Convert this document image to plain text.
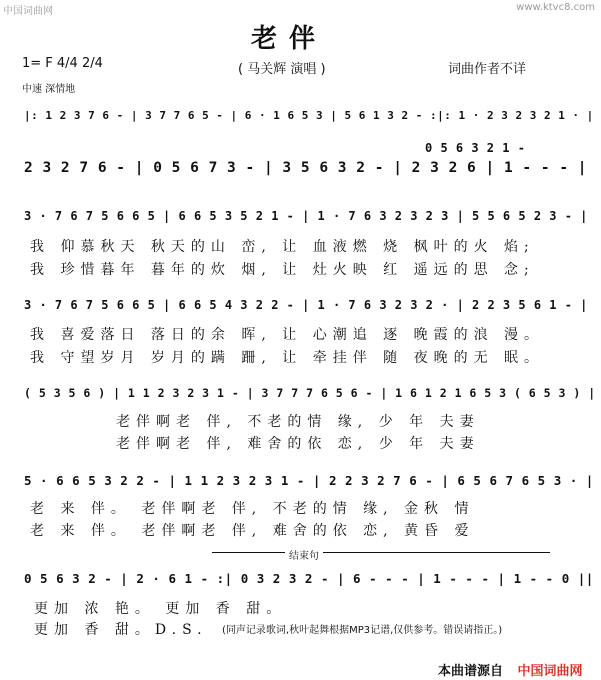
中国词曲网	www.ktvc8.com
老伴
( 马关辉 演唱 )
1= F 4/4 2/4	词曲作者不详
中速 深情地
|: 1 2 3 7 6 - | 3 7 7 6 5 - | 6 · 1 6 5 3 | 5 6 1 3 2 - :|: 1 · 2 3 2 3 2 1 · |
0 5 6 3 2 1 -
2 3 2 7 6 - | 0 5 6 7 3 - | 3 5 6 3 2 - | 2 3 2 6 | 1 - - - |
3 · 7 6 7 5 6 6 5 | 6 6 5 3 5 2 1 - | 1 · 7 6 3 2 3 2 3 | 5 5 6 5 2 3 - |
我 仰慕秋天 秋天的山 峦, 让 血液燃 烧 枫叶的火 焰;
我 珍惜暮年 暮年的炊 烟, 让 灶火映 红 遥远的思 念;
3 · 7 6 7 5 6 6 5 | 6 6 5 4 3 2 2 - | 1 · 7 6 3 2 3 2 · | 2 2 3 5 6 1 - |
我 喜爱落日 落日的余 晖, 让 心潮追 逐 晚霞的浪 漫。
我 守望岁月 岁月的蹒 跚, 让 牵挂伴 随 夜晚的无 眠。
( 5 3 5 6 ) | 1 1 2 3 2 3 1 - | 3 7 7 7 6 5 6 - | 1 6 1 2 1 6 5 3 ( 6 5 3 ) |
老伴啊老 伴, 不老的情 缘, 少 年 夫妻
老伴啊老 伴, 难舍的依 恋, 少 年 夫妻
5 · 6 6 5 3 2 2 - | 1 1 2 3 2 3 1 - | 2 2 3 2 7 6 - | 6 5 6 7 6 5 3 · |
老 来 伴。 老伴啊老 伴, 不老的情 缘, 金秋 情
老 来 伴。 老伴啊老 伴, 难舍的依 恋, 黄昏 爱
结束句
0 5 6 3 2 - | 2 · 6 1 - :| 0 3 2 3 2 - | 6 - - - | 1 - - - | 1 - - 0 ||
更加 浓 艳。 更加 香 甜。
更加 香 甜。D.S. (同声记录歌词,秋叶起舞根据MP3记谱,仅供参考。错误请指正。)
本曲谱源自 中国词曲网
